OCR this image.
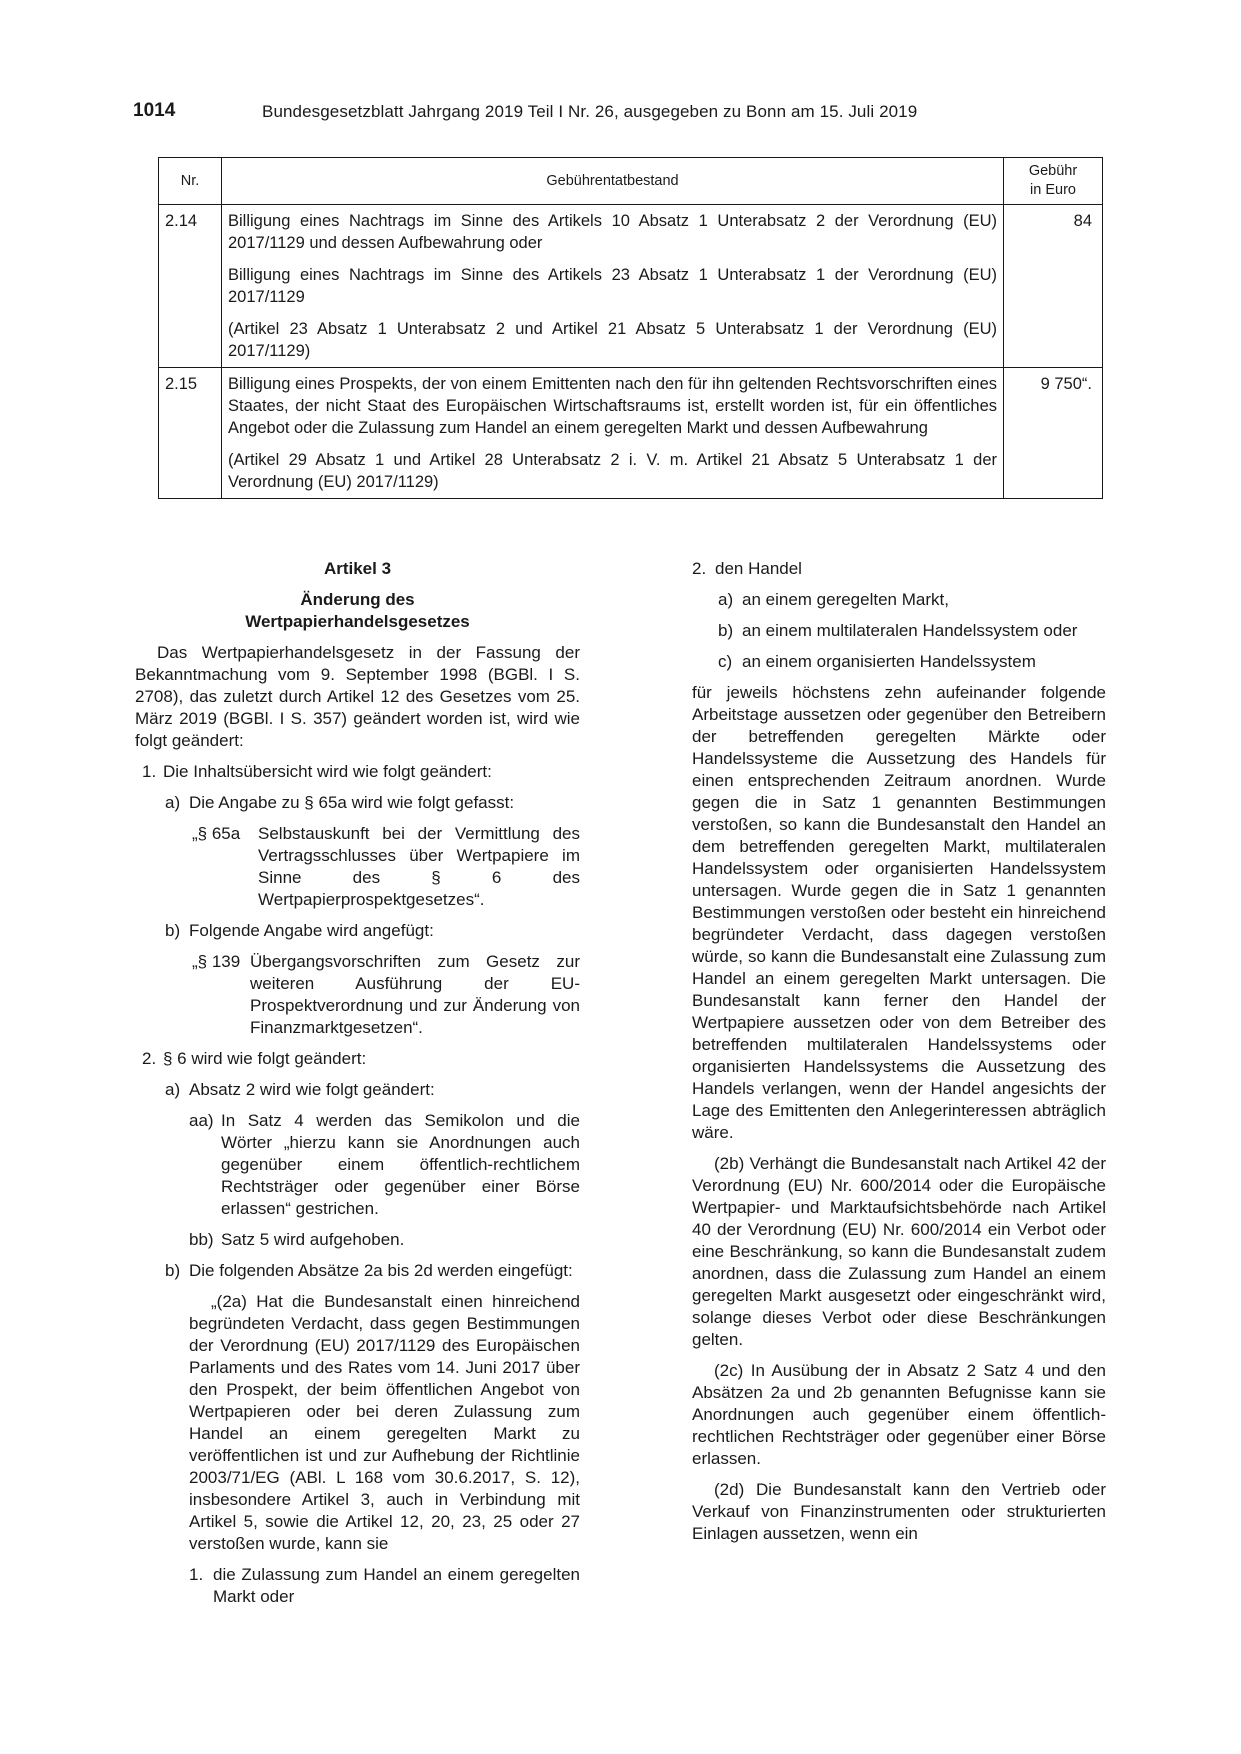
1014	Bundesgesetzblatt Jahrgang 2019 Teil I Nr. 26, ausgegeben zu Bonn am 15. Juli 2019
Nr.	Gebührentatbestand	Gebühr
in Euro

2.14	Billigung eines Nachtrags im Sinne des Artikels 10 Absatz 1 Unterabsatz 2 der Verordnung (EU) 2017/1129 und dessen Aufbewahrung oder

Billigung eines Nachtrags im Sinne des Artikels 23 Absatz 1 Unterabsatz 1 der Verordnung (EU) 2017/1129

(Artikel 23 Absatz 1 Unterabsatz 2 und Artikel 21 Absatz 5 Unterabsatz 1 der Verordnung (EU) 2017/1129)	84
2.15	Billigung eines Prospekts, der von einem Emittenten nach den für ihn geltenden Rechtsvorschriften eines Staates, der nicht Staat des Europäischen Wirtschaftsraums ist, erstellt worden ist, für ein öffentliches Angebot oder die Zulassung zum Handel an einem geregelten Markt und dessen Aufbewahrung

(Artikel 29 Absatz 1 und Artikel 28 Unterabsatz 2 i. V. m. Artikel 21 Absatz 5 Unterabsatz 1 der Verordnung (EU) 2017/1129)	9 750“.
Artikel 3
Änderung des
Wertpapierhandelsgesetzes

Das Wertpapierhandelsgesetz in der Fassung der Bekanntmachung vom 9. September 1998 (BGBl. I S. 2708), das zuletzt durch Artikel 12 des Gesetzes vom 25. März 2019 (BGBl. I S. 357) geändert worden ist, wird wie folgt geändert:

1. Die Inhaltsübersicht wird wie folgt geändert:
a) Die Angabe zu § 65a wird wie folgt gefasst:
„§ 65a	Selbstauskunft bei der Vermittlung des Vertragsschlusses über Wertpapiere im Sinne des § 6 des Wertpapierprospektgesetzes“.
b) Folgende Angabe wird angefügt:
„§ 139 Übergangsvorschriften zum Gesetz zur weiteren Ausführung der EU-Prospektverordnung und zur Änderung von Finanzmarktgesetzen“.
2. § 6 wird wie folgt geändert:
a) Absatz 2 wird wie folgt geändert:
aa) In Satz 4 werden das Semikolon und die Wörter „hierzu kann sie Anordnungen auch gegenüber einem öffentlich-rechtlichem Rechtsträger oder gegenüber einer Börse erlassen“ gestrichen.
bb) Satz 5 wird aufgehoben.
b) Die folgenden Absätze 2a bis 2d werden eingefügt:

„(2a) Hat die Bundesanstalt einen hinreichend begründeten Verdacht, dass gegen Bestimmungen der Verordnung (EU) 2017/1129 des Europäischen Parlaments und des Rates vom 14. Juni 2017 über den Prospekt, der beim öffentlichen Angebot von Wertpapieren oder bei deren Zulassung zum Handel an einem geregelten Markt zu veröffentlichen ist und zur Aufhebung der Richtlinie 2003/71/EG (ABl. L 168 vom 30.6.2017, S. 12), insbesondere Artikel 3, auch in Verbindung mit Artikel 5, sowie die Artikel 12, 20, 23, 25 oder 27 verstoßen wurde, kann sie

1. die Zulassung zum Handel an einem geregelten Markt oder
2. den Handel
a) an einem geregelten Markt,
b) an einem multilateralen Handelssystem oder
c) an einem organisierten Handelssystem

für jeweils höchstens zehn aufeinander folgende Arbeitstage aussetzen oder gegenüber den Betreibern der betreffenden geregelten Märkte oder Handelssysteme die Aussetzung des Handels für einen entsprechenden Zeitraum anordnen. Wurde gegen die in Satz 1 genannten Bestimmungen verstoßen, so kann die Bundesanstalt den Handel an dem betreffenden geregelten Markt, multilateralen Handelssystem oder organisierten Handelssystem untersagen. Wurde gegen die in Satz 1 genannten Bestimmungen verstoßen oder besteht ein hinreichend begründeter Verdacht, dass dagegen verstoßen würde, so kann die Bundesanstalt eine Zulassung zum Handel an einem geregelten Markt untersagen. Die Bundesanstalt kann ferner den Handel der Wertpapiere aussetzen oder von dem Betreiber des betreffenden multilateralen Handelssystems oder organisierten Handelssystems die Aussetzung des Handels verlangen, wenn der Handel angesichts der Lage des Emittenten den Anlegerinteressen abträglich wäre.

(2b) Verhängt die Bundesanstalt nach Artikel 42 der Verordnung (EU) Nr. 600/2014 oder die Europäische Wertpapier- und Marktaufsichtsbehörde nach Artikel 40 der Verordnung (EU) Nr. 600/2014 ein Verbot oder eine Beschränkung, so kann die Bundesanstalt zudem anordnen, dass die Zulassung zum Handel an einem geregelten Markt ausgesetzt oder eingeschränkt wird, solange dieses Verbot oder diese Beschränkungen gelten.

(2c) In Ausübung der in Absatz 2 Satz 4 und den Absätzen 2a und 2b genannten Befugnisse kann sie Anordnungen auch gegenüber einem öffentlich-rechtlichen Rechtsträger oder gegenüber einer Börse erlassen.

(2d) Die Bundesanstalt kann den Vertrieb oder Verkauf von Finanzinstrumenten oder strukturierten Einlagen aussetzen, wenn ein
